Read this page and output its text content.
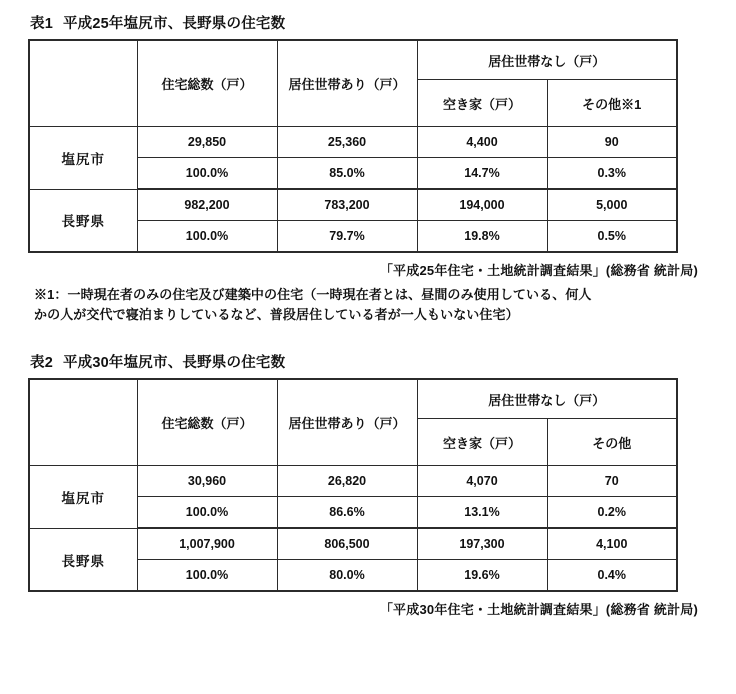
表1 平成25年塩尻市、長野県の住宅数
	住宅総数（戸）	居住世帯あり（戸）	居住世帯なし（戸）	
			空き家（戸）	その他※1
塩尻市	29,850	25,360	4,400	90
	100.0%	85.0%	14.7%	0.3%
長野県	982,200	783,200	194,000	5,000
	100.0%	79.7%	19.8%	0.5%
「平成25年住宅・土地統計調査結果」(総務省 統計局)
※1：一時現在者のみの住宅及び建築中の住宅（一時現在者とは、昼間のみ使用している、何人
かの人が交代で寝泊まりしているなど、普段居住している者が一人もいない住宅）
表2 平成30年塩尻市、長野県の住宅数
	住宅総数（戸）	居住世帯あり（戸）	居住世帯なし（戸）	
			空き家（戸）	その他
塩尻市	30,960	26,820	4,070	70
	100.0%	86.6%	13.1%	0.2%
長野県	1,007,900	806,500	197,300	4,100
	100.0%	80.0%	19.6%	0.4%
「平成30年住宅・土地統計調査結果」(総務省 統計局)
